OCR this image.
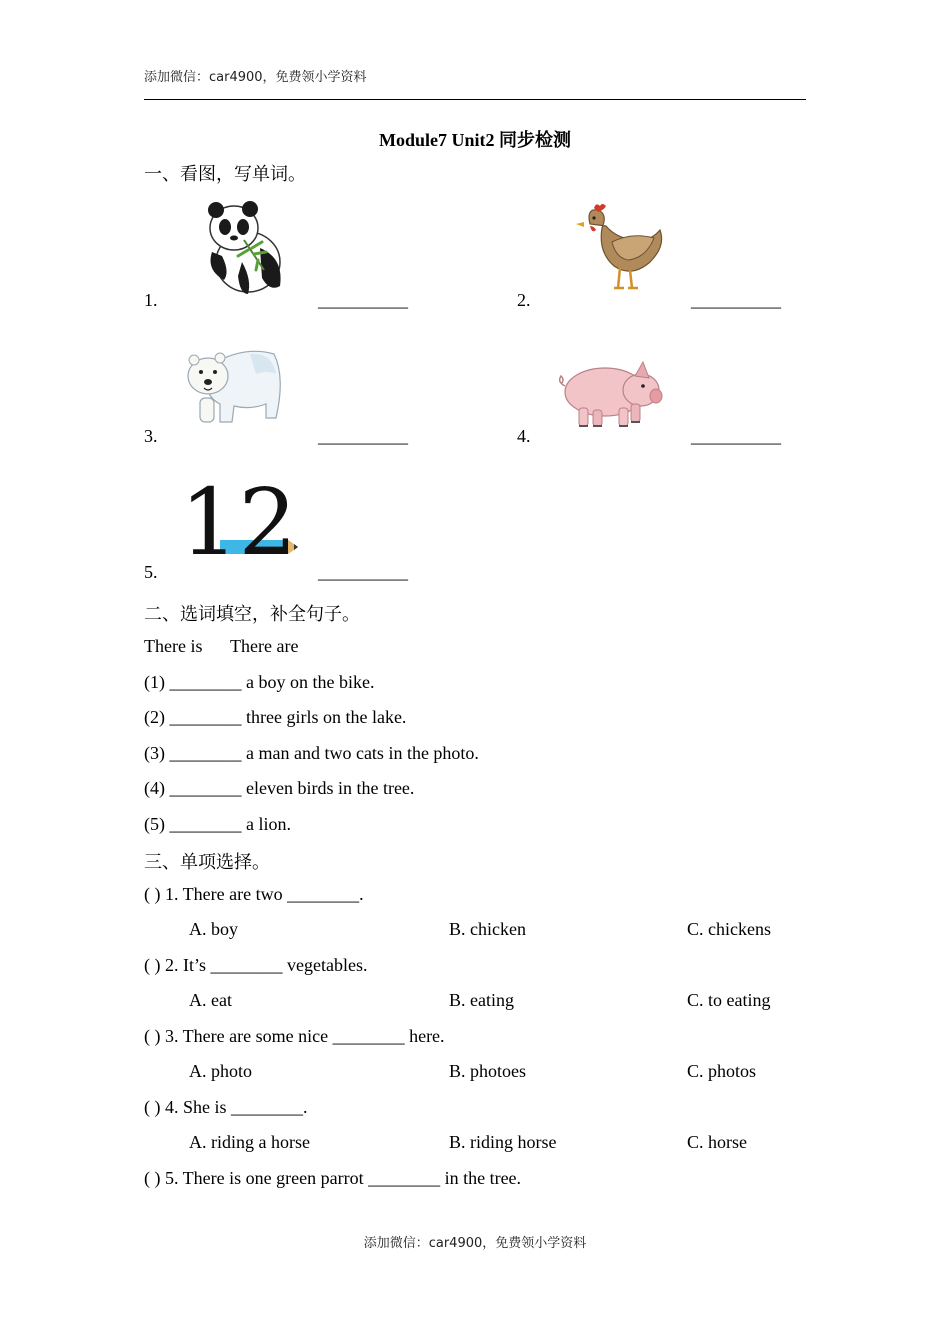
添加微信：car4900，免费领小学资料
Module7 Unit2 同步检测
一、看图，写单词。
1.	__________	2.	__________
3.	__________	4.	__________
5. 12 __________
二、选词填空，补全句子。
There is There are
(1) ________ a boy on the bike.
(2) ________ three girls on the lake.
(3) ________ a man and two cats in the photo.
(4) ________ eleven birds in the tree.
(5) ________ a lion.
三、单项选择。
( ) 1. There are two ________.
A. boy	B. chicken	C. chickens
( ) 2. It’s ________ vegetables.
A. eat	B. eating	C. to eating
( ) 3. There are some nice ________ here.
A. photo	B. photoes	C. photos
( ) 4. She is ________.
A. riding a horse	B. riding horse	C. horse
( ) 5. There is one green parrot ________ in the tree.
添加微信：car4900，免费领小学资料
